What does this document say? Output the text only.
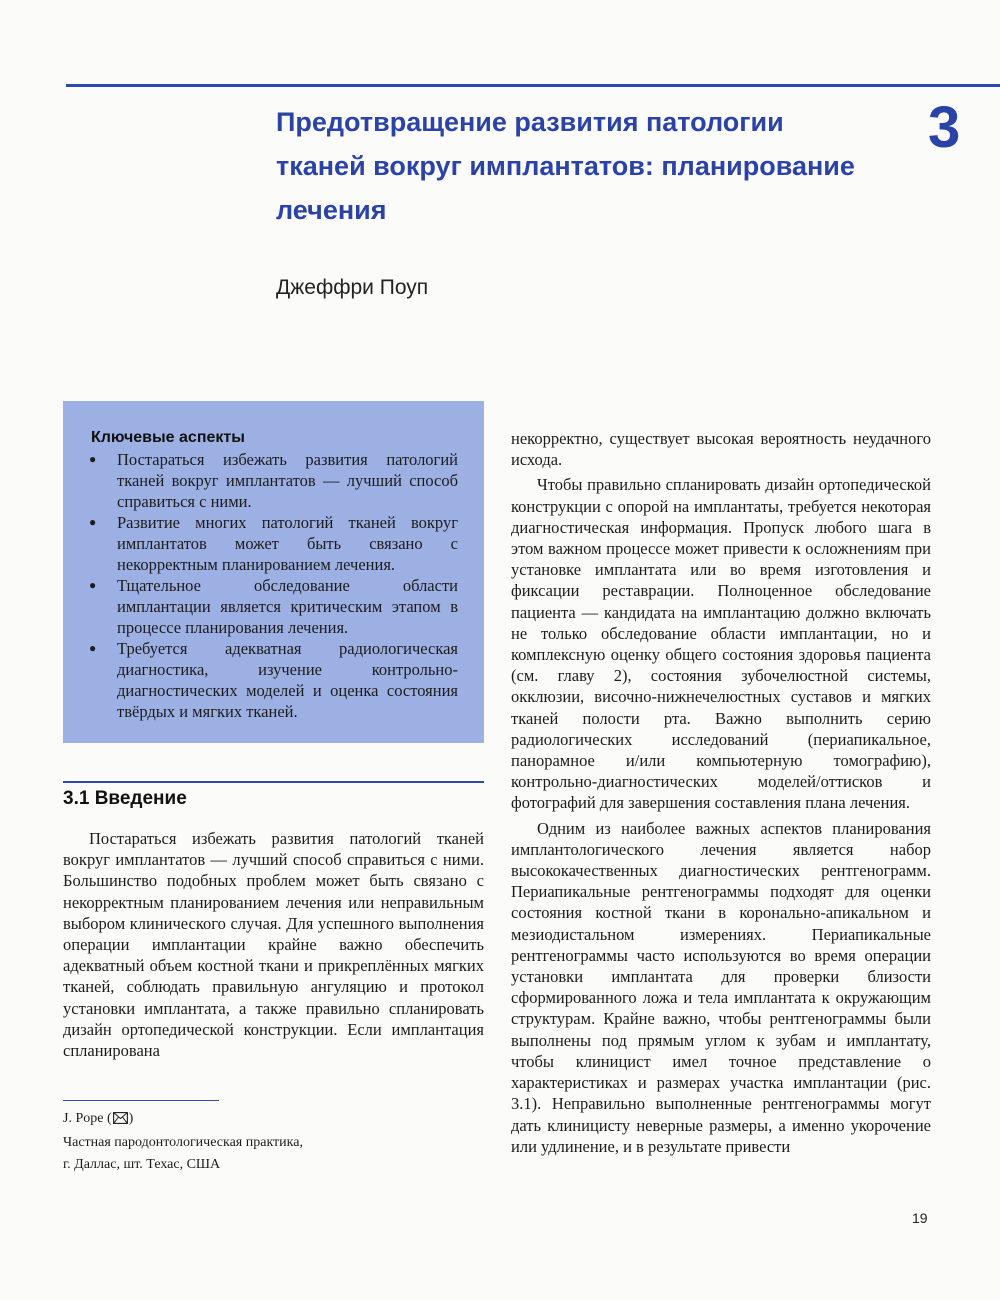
Предотвращение развития патологии тканей вокруг имплантатов: планирование лечения
3
Джеффри Поуп
Ключевые аспекты
● Постараться избежать развития патологий тканей вокруг имплантатов — лучший способ справиться с ними.
● Развитие многих патологий тканей вокруг имплантатов может быть связано с некорректным планированием лечения.
● Тщательное обследование области имплантации является критическим этапом в процессе планирования лечения.
● Требуется адекватная радиологическая диагностика, изучение контрольно-диагностических моделей и оценка состояния твёрдых и мягких тканей.
3.1 Введение

Постараться избежать развития патологий тканей вокруг имплантатов — лучший способ справиться с ними. Большинство подобных проблем может быть связано с некорректным планированием лечения или неправильным выбором клинического случая. Для успешного выполнения операции имплантации крайне важно обеспечить адекватный объем костной ткани и прикреплённых мягких тканей, соблюдать правильную ангуляцию и протокол установки имплантата, а также правильно спланировать дизайн ортопедической конструкции. Если имплантация спланирована

некорректно, существует высокая вероятность неудачного исхода.

Чтобы правильно спланировать дизайн ортопедической конструкции с опорой на имплантаты, требуется некоторая диагностическая информация. Пропуск любого шага в этом важном процессе может привести к осложнениям при установке имплантата или во время изготовления и фиксации реставрации. Полноценное обследование пациента — кандидата на имплантацию должно включать не только обследование области имплантации, но и комплексную оценку общего состояния здоровья пациента (см. главу 2), состояния зубочелюстной системы, окклюзии, височно-нижнечелюстных суставов и мягких тканей полости рта. Важно выполнить серию радиологических исследований (периапикальное, панорамное и/или компьютерную томографию), контрольно-диагностических моделей/оттисков и фотографий для завершения составления плана лечения.

Одним из наиболее важных аспектов планирования имплантологического лечения является набор высококачественных диагностических рентгенограмм. Периапикальные рентгенограммы подходят для оценки состояния костной ткани в коронально-апикальном и мезиодистальном измерениях. Периапикальные рентгенограммы часто используются во время операции установки имплантата для проверки близости сформированного ложа и тела имплантата к окружающим структурам. Крайне важно, чтобы рентгенограммы были выполнены под прямым углом к зубам и имплантату, чтобы клиницист имел точное представление о характеристиках и размерах участка имплантации (рис. 3.1). Неправильно выполненные рентгенограммы могут дать клиницисту неверные размеры, а именно укорочение или удлинение, и в результате привести

J. Pope ( )
Частная пародонтологическая практика,
г. Даллас, шт. Техас, США
19
